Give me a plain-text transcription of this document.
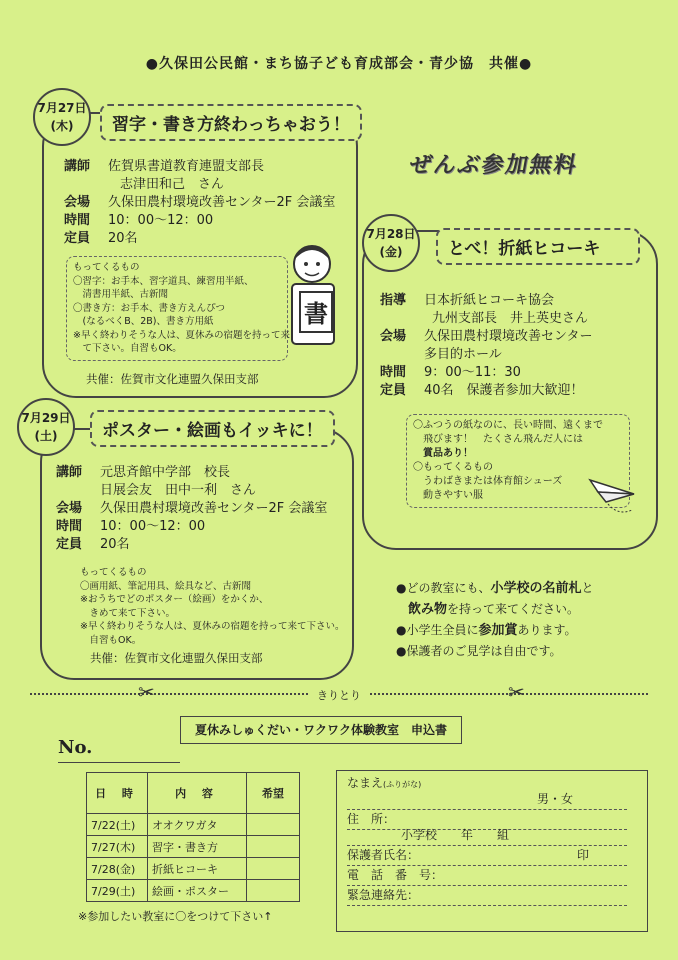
●久保田公民館・まち協子ども育成部会・青少協　共催●
7月27日
(木)	習字・書き方終わっちゃおう！
講師	佐賀県書道教育連盟支部長
志津田和己　さん
会場	久保田農村環境改善センター2F 会議室
時間	10：00～12：00
定員	20名
もってくるもの
〇習字：お手本、習字道具、練習用半紙、
　清書用半紙、古新聞
〇書き方：お手本、書き方えんぴつ
　(なるべくB、2B)、書き方用紙
※早く終わりそうな人は、夏休みの宿題を持って来
　て下さい。自習もOK。
書
共催：佐賀市文化連盟久保田支部
ぜんぶ参加無料
7月28日
(金)	とべ！折紙ヒコーキ
指導	日本折紙ヒコーキ協会
九州支部長　井上英史さん
会場	久保田農村環境改善センター
多目的ホール
時間	9：00～11：30
定員	40名　保護者参加大歓迎！
〇ふつうの紙なのに、長い時間、遠くまで
　飛びます！　たくさん飛んだ人には
　賞品あり！
〇もってくるもの
　うわばきまたは体育館シューズ
　動きやすい服
7月29日
(土)	ポスター・絵画もイッキに！
講師	元思斉館中学部　校長
日展会友　田中一利　さん
会場	久保田農村環境改善センター2F 会議室
時間	10：00～12：00
定員	20名
もってくるもの
〇画用紙、筆記用具、絵具など、古新聞
※おうちでどのポスター（絵画）をかくか、
　きめて来て下さい。
※早く終わりそうな人は、夏休みの宿題を持って来て下さい。
　自習もOK。
共催：佐賀市文化連盟久保田支部
●どの教室にも、小学校の名前札と
飲み物を持って来てください。
●小学生全員に参加賞あります。
●保護者のご見学は自由です。
✂	✂
きりとり
夏休みしゅくだい・ワクワク体験教室　申込書
No.
日 時	内 容	希望
7/22(土)	オオクワガタ	
7/27(木)	習字・書き方	
7/28(金)	折紙ヒコーキ	
7/29(土)	絵画・ポスター	
なまえ(ふりがな)
男・女
住　所：
小学校　　年　　組
保護者氏名：	印
電　話　番　号：
緊急連絡先：
※参加したい教室に〇をつけて下さい↑
